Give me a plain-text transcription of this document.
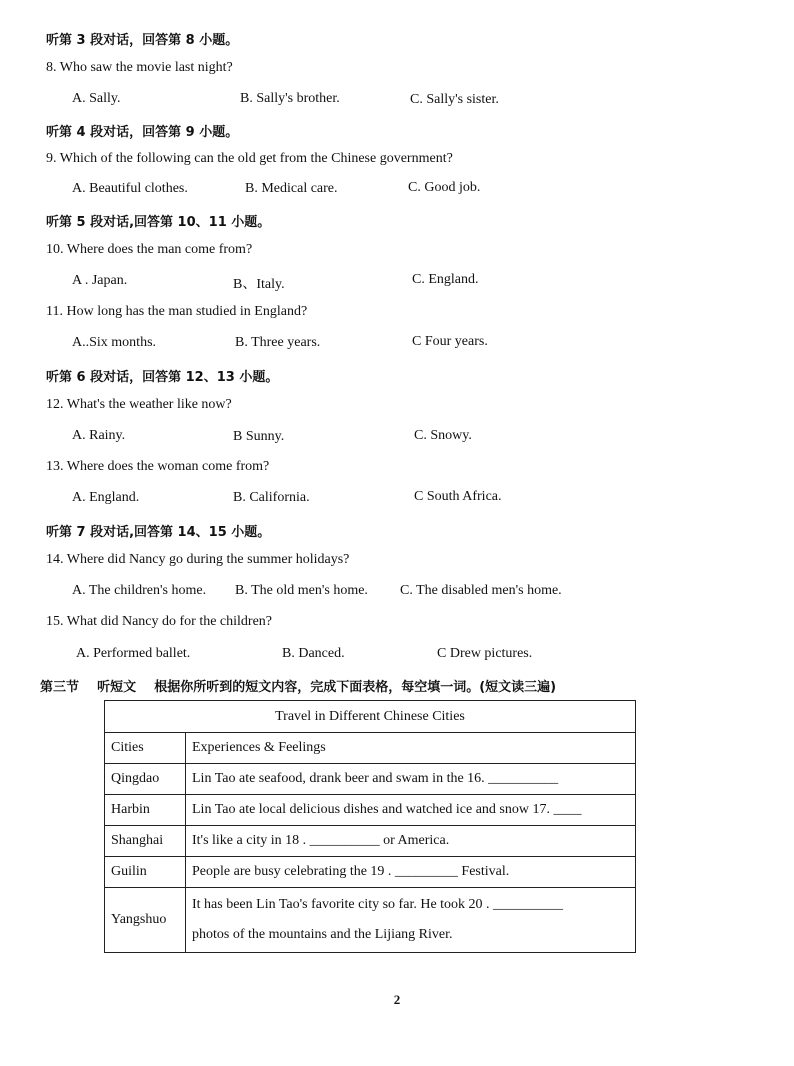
听第 3 段对话，回答第 8 小题。
8. Who saw the movie last night?
A. Sally.	B. Sally's brother.	C. Sally's sister.
听第 4 段对话，回答第 9 小题。
9. Which of the following can the old get from the Chinese government?
A. Beautiful clothes.	B. Medical care.	C. Good job.
听第 5 段对话,回答第 10、11 小题。
10. Where does the man come from?
A . Japan.	B、Italy.	C. England.
11. How long has the man studied in England?
A..Six months.	B. Three years.	C Four years.
听第 6 段对话，回答第 12、13 小题。
12. What's the weather like now?
A. Rainy.	B Sunny.	C. Snowy.
13. Where does the woman come from?
A. England.	B. California.	C South Africa.
听第 7 段对话,回答第 14、15 小题。
14. Where did Nancy go during the summer holidays?
A. The children's home. B. The old men's home. C. The disabled men's home.
15. What did Nancy do for the children?
A. Performed ballet.	B. Danced.	C Drew pictures.
第三节    听短文    根据你所听到的短文内容，完成下面表格，每空填一词。(短文读三遍)
Travel in Different Chinese Cities	
Cities	Experiences & Feelings
Qingdao	Lin Tao ate seafood, drank beer and swam in the 16. __________
Harbin	Lin Tao ate local delicious dishes and watched ice and snow 17. ____
Shanghai	It's like a city in 18 . __________ or America.
Guilin	People are busy celebrating the 19 . _________ Festival.
Yangshuo	It has been Lin Tao's favorite city so far. He took 20 . __________
photos of the mountains and the Lijiang River.
2
